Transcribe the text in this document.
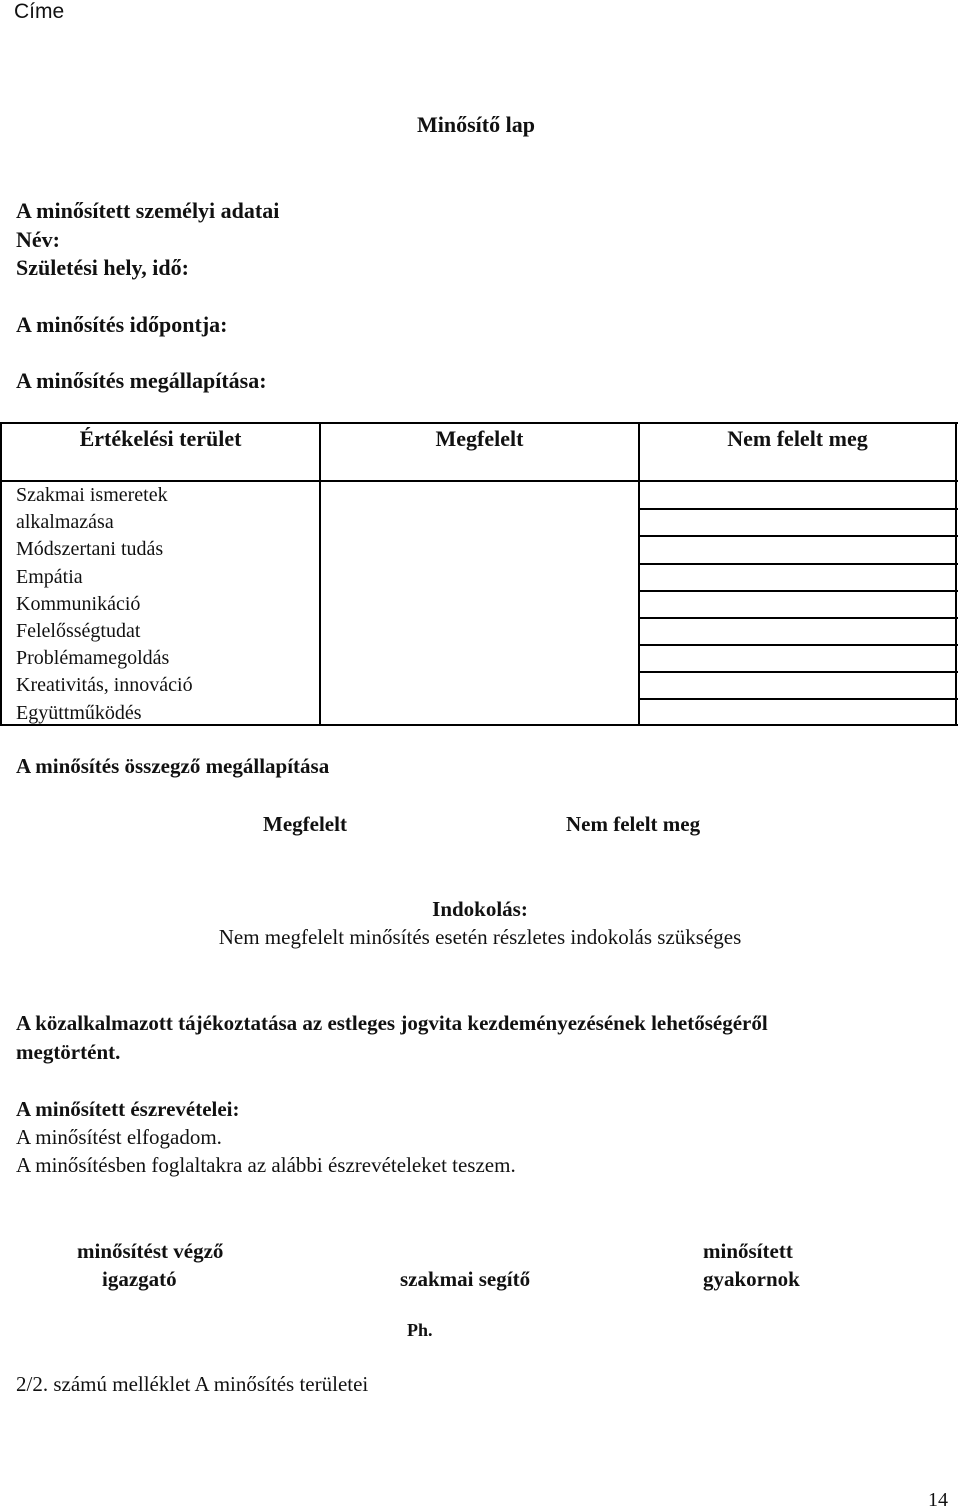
Címe
Minősítő lap
A minősített személyi adatai
Név:
Születési hely, idő:
A minősítés időpontja:
A minősítés megállapítása:
Értékelési terület	Megfelelt	Nem felelt meg
Szakmai ismeretek
alkalmazása
Módszertani tudás
Empátia
Kommunikáció
Felelősségtudat
Problémamegoldás
Kreativitás, innováció
Együttműködés
A minősítés összegző megállapítása
Megfelelt	Nem felelt meg
Indokolás:
Nem megfelelt minősítés esetén részletes indokolás szükséges
A közalkalmazott tájékoztatása az estleges jogvita kezdeményezésének lehetőségéről
megtörtént.
A minősített észrevételei:
A minősítést elfogadom.
A minősítésben foglaltakra az alábbi észrevételeket teszem.
minősítést végző
igazgató	szakmai segítő
minősített
gyakornok
Ph.
2/2. számú melléklet A minősítés területei
14
